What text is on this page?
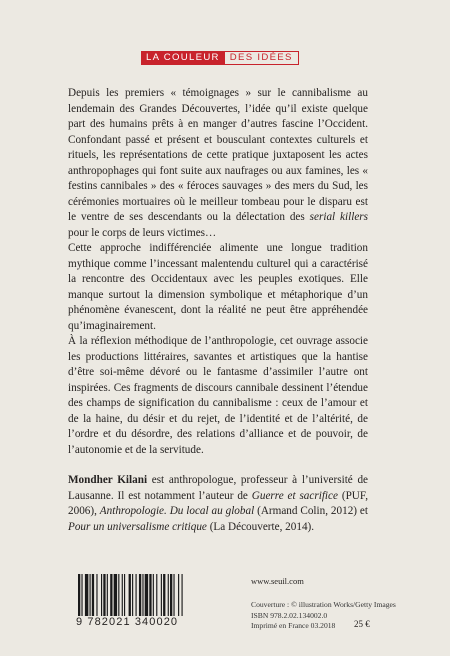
LA COULEUR	DES IDÉES

Depuis les premiers « témoignages » sur le cannibalisme au lendemain des Grandes Découvertes, l’idée qu’il existe quelque part des humains prêts à en manger d’autres fascine l’Occident. Confondant passé et présent et bousculant contextes culturels et rituels, les représentations de cette pratique juxtaposent les actes anthropophages qui font suite aux naufrages ou aux famines, les « festins cannibales » des « féroces sauvages » des mers du Sud, les cérémonies mortuaires où le meilleur tombeau pour le disparu est le ventre de ses descendants ou la délectation des serial killers pour le corps de leurs victimes…

Cette approche indifférenciée alimente une longue tradition mythique comme l’incessant malentendu culturel qui a caractérisé la rencontre des Occidentaux avec les peuples exotiques. Elle manque surtout la dimension symbolique et métaphorique d’un phénomène évanescent, dont la réalité ne peut être appréhendée qu’imaginairement.

À la réflexion méthodique de l’anthropologie, cet ouvrage associe les productions littéraires, savantes et artistiques que la hantise d’être soi-même dévoré ou le fantasme d’assimiler l’autre ont inspirées. Ces fragments de discours cannibale dessinent l’étendue des champs de signification du cannibalisme : ceux de l’amour et de la haine, du désir et du rejet, de l’identité et de l’altérité, de l’ordre et du désordre, des relations d’alliance et de pouvoir, de l’autonomie et de la servitude.

Mondher Kilani est anthropologue, professeur à l’université de Lausanne. Il est notamment l’auteur de Guerre et sacrifice (PUF, 2006), Anthropologie. Du local au global (Armand Colin, 2012) et Pour un universalisme critique (La Découverte, 2014).

9 782021 340020
www.seuil.com
Couverture : © illustration Works/Getty Images
ISBN 978.2.02.134002.0
Imprimé en France 03.2018	25 €
